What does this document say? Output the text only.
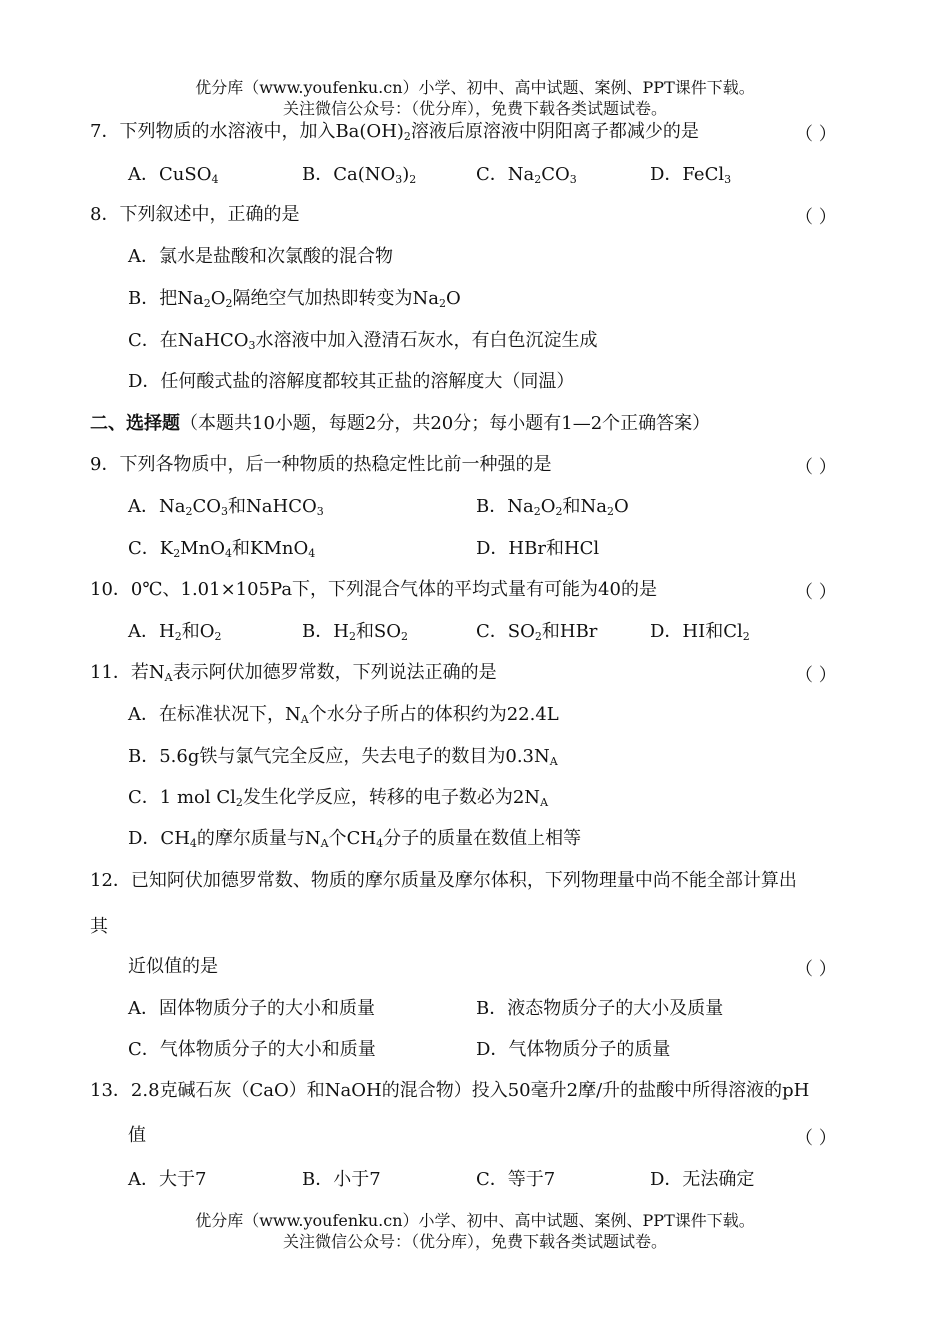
优分库（www.youfenku.cn）小学、初中、高中试题、案例、PPT课件下载。
关注微信公众号：（优分库），免费下载各类试题试卷。
7．下列物质的水溶液中，加入$Ba(OH)_2$溶液后原溶液中阴阳离子都减少的是	（ ）
A．CuSO$_4$	B．$Ca(NO_3)_2$	C．$Na_2CO_3$	D．FeCl$_3$
8．下列叙述中，正确的是	（ ）
A．氯水是盐酸和次氯酸的混合物
B．把$Na_2O_2$隔绝空气加热即转变为$Na_2O$
C．在NaHCO$_3$水溶液中加入澄清石灰水，有白色沉淀生成
D．任何酸式盐的溶解度都较其正盐的溶解度大（同温）
二、选择题（本题共10小题，每题2分，共20分；每小题有1—2个正确答案）
9．下列各物质中，后一种物质的热稳定性比前一种强的是	（ ）
A．$Na_2CO_3$和NaHCO$_3$	B．$Na_2O_2$和$Na_2O$
C．$K_2MnO_4$和KMnO$_4$	D．HBr和HCl
10．0℃、1.01×105Pa下，下列混合气体的平均式量有可能为40的是	（ ）
A．$H_2$和$O_2$	B．$H_2$和$SO_2$	C．$SO_2$和HBr	D．HI和$Cl_2$
11．若$N_A$表示阿伏加德罗常数，下列说法正确的是	（ ）
A．在标准状况下，$N_A$个水分子所占的体积约为22.4L
B．5.6g铁与氯气完全反应，失去电子的数目为$0.3N_A$
C．1 mol $Cl_2$发生化学反应，转移的电子数必为$2N_A$
D．$CH_4$的摩尔质量与$N_A$个$CH_4$分子的质量在数值上相等
12．已知阿伏加德罗常数、物质的摩尔质量及摩尔体积，下列物理量中尚不能全部计算出
其
近似值的是	（ ）
A．固体物质分子的大小和质量	B．液态物质分子的大小及质量
C．气体物质分子的大小和质量	D．气体物质分子的质量
13．2.8克碱石灰（CaO）和NaOH的混合物）投入50毫升2摩/升的盐酸中所得溶液的pH
值	（ ）
A．大于7	B．小于7	C．等于7	D．无法确定
优分库（www.youfenku.cn）小学、初中、高中试题、案例、PPT课件下载。
关注微信公众号：（优分库），免费下载各类试题试卷。
